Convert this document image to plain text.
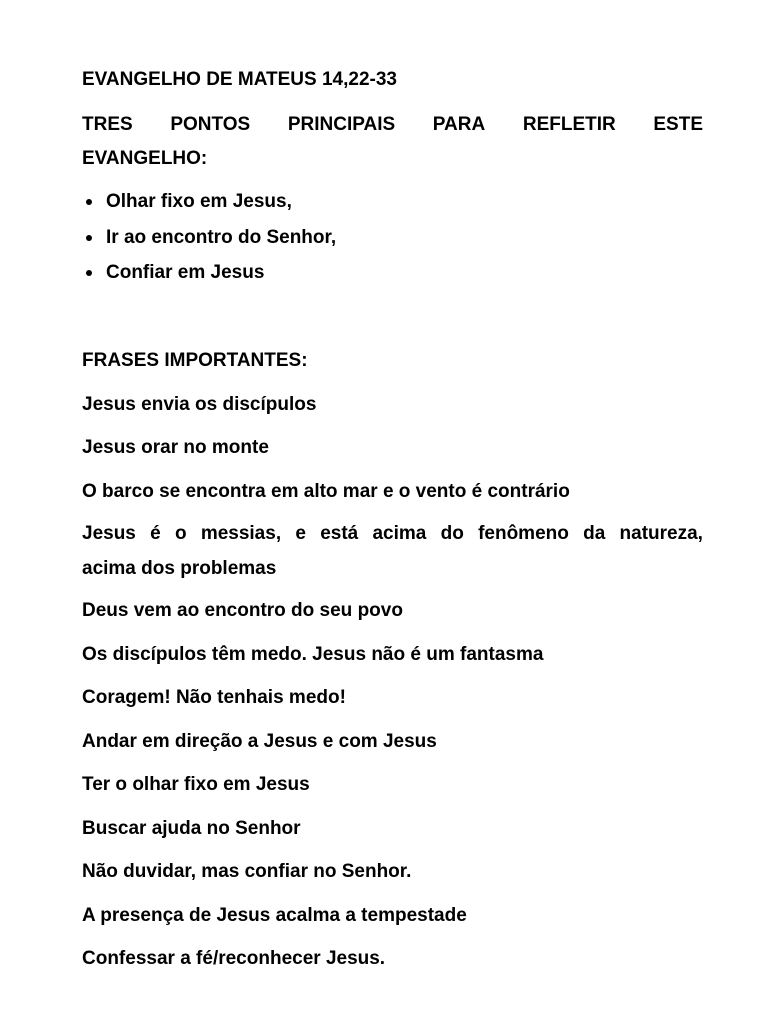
EVANGELHO DE MATEUS 14,22-33
TRES PONTOS PRINCIPAIS PARA REFLETIR ESTE
EVANGELHO:
Olhar fixo em Jesus,
Ir ao encontro do Senhor,
Confiar em Jesus
FRASES IMPORTANTES:
Jesus envia os discípulos
Jesus orar no monte
O barco se encontra em alto mar e o vento é contrário
Jesus é o messias, e está acima do fenômeno da natureza,
acima dos problemas
Deus vem ao encontro do seu povo
Os discípulos têm medo. Jesus não é um fantasma
Coragem! Não tenhais medo!
Andar em direção a Jesus e com Jesus
Ter o olhar fixo em Jesus
Buscar ajuda no Senhor
Não duvidar, mas confiar no Senhor.
A presença de Jesus acalma a tempestade
Confessar a fé/reconhecer Jesus.
